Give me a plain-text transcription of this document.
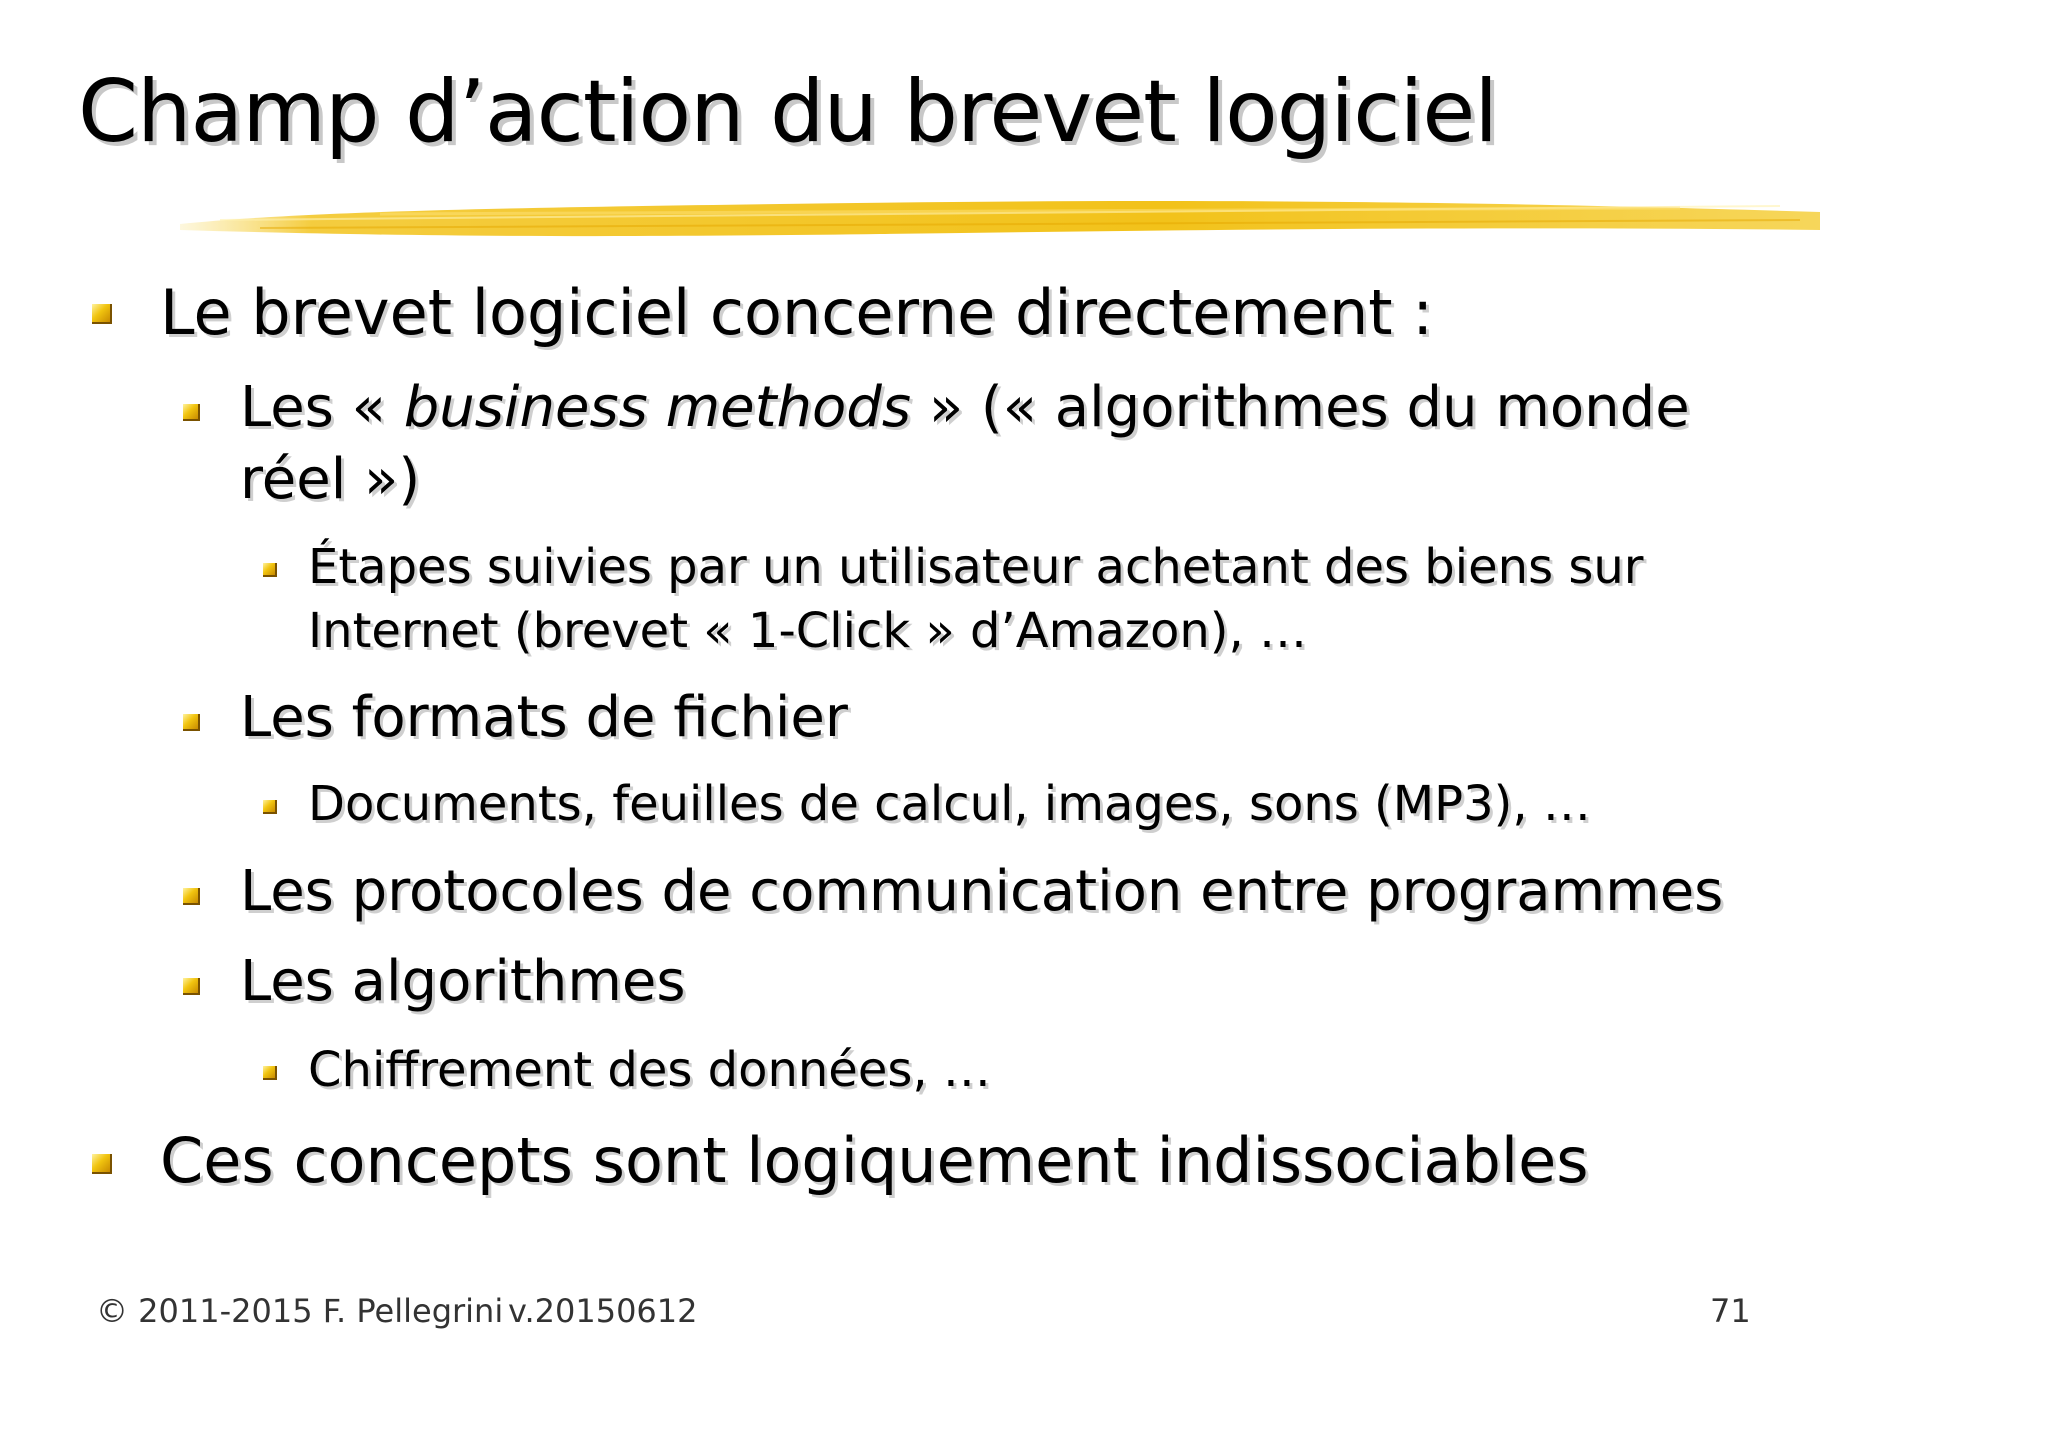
Champ d’action du brevet logiciel
Le brevet logiciel concerne directement :
Les « business methods » (« algorithmes du monde
réel »)
Étapes suivies par un utilisateur achetant des biens sur
Internet (brevet « 1-Click » d’Amazon), …
Les formats de fichier
Documents, feuilles de calcul, images, sons (MP3), …
Les protocoles de communication entre programmes
Les algorithmes
Chiffrement des données, …
Ces concepts sont logiquement indissociables
© 2011-2015 F. Pellegrini v.20150612	71
